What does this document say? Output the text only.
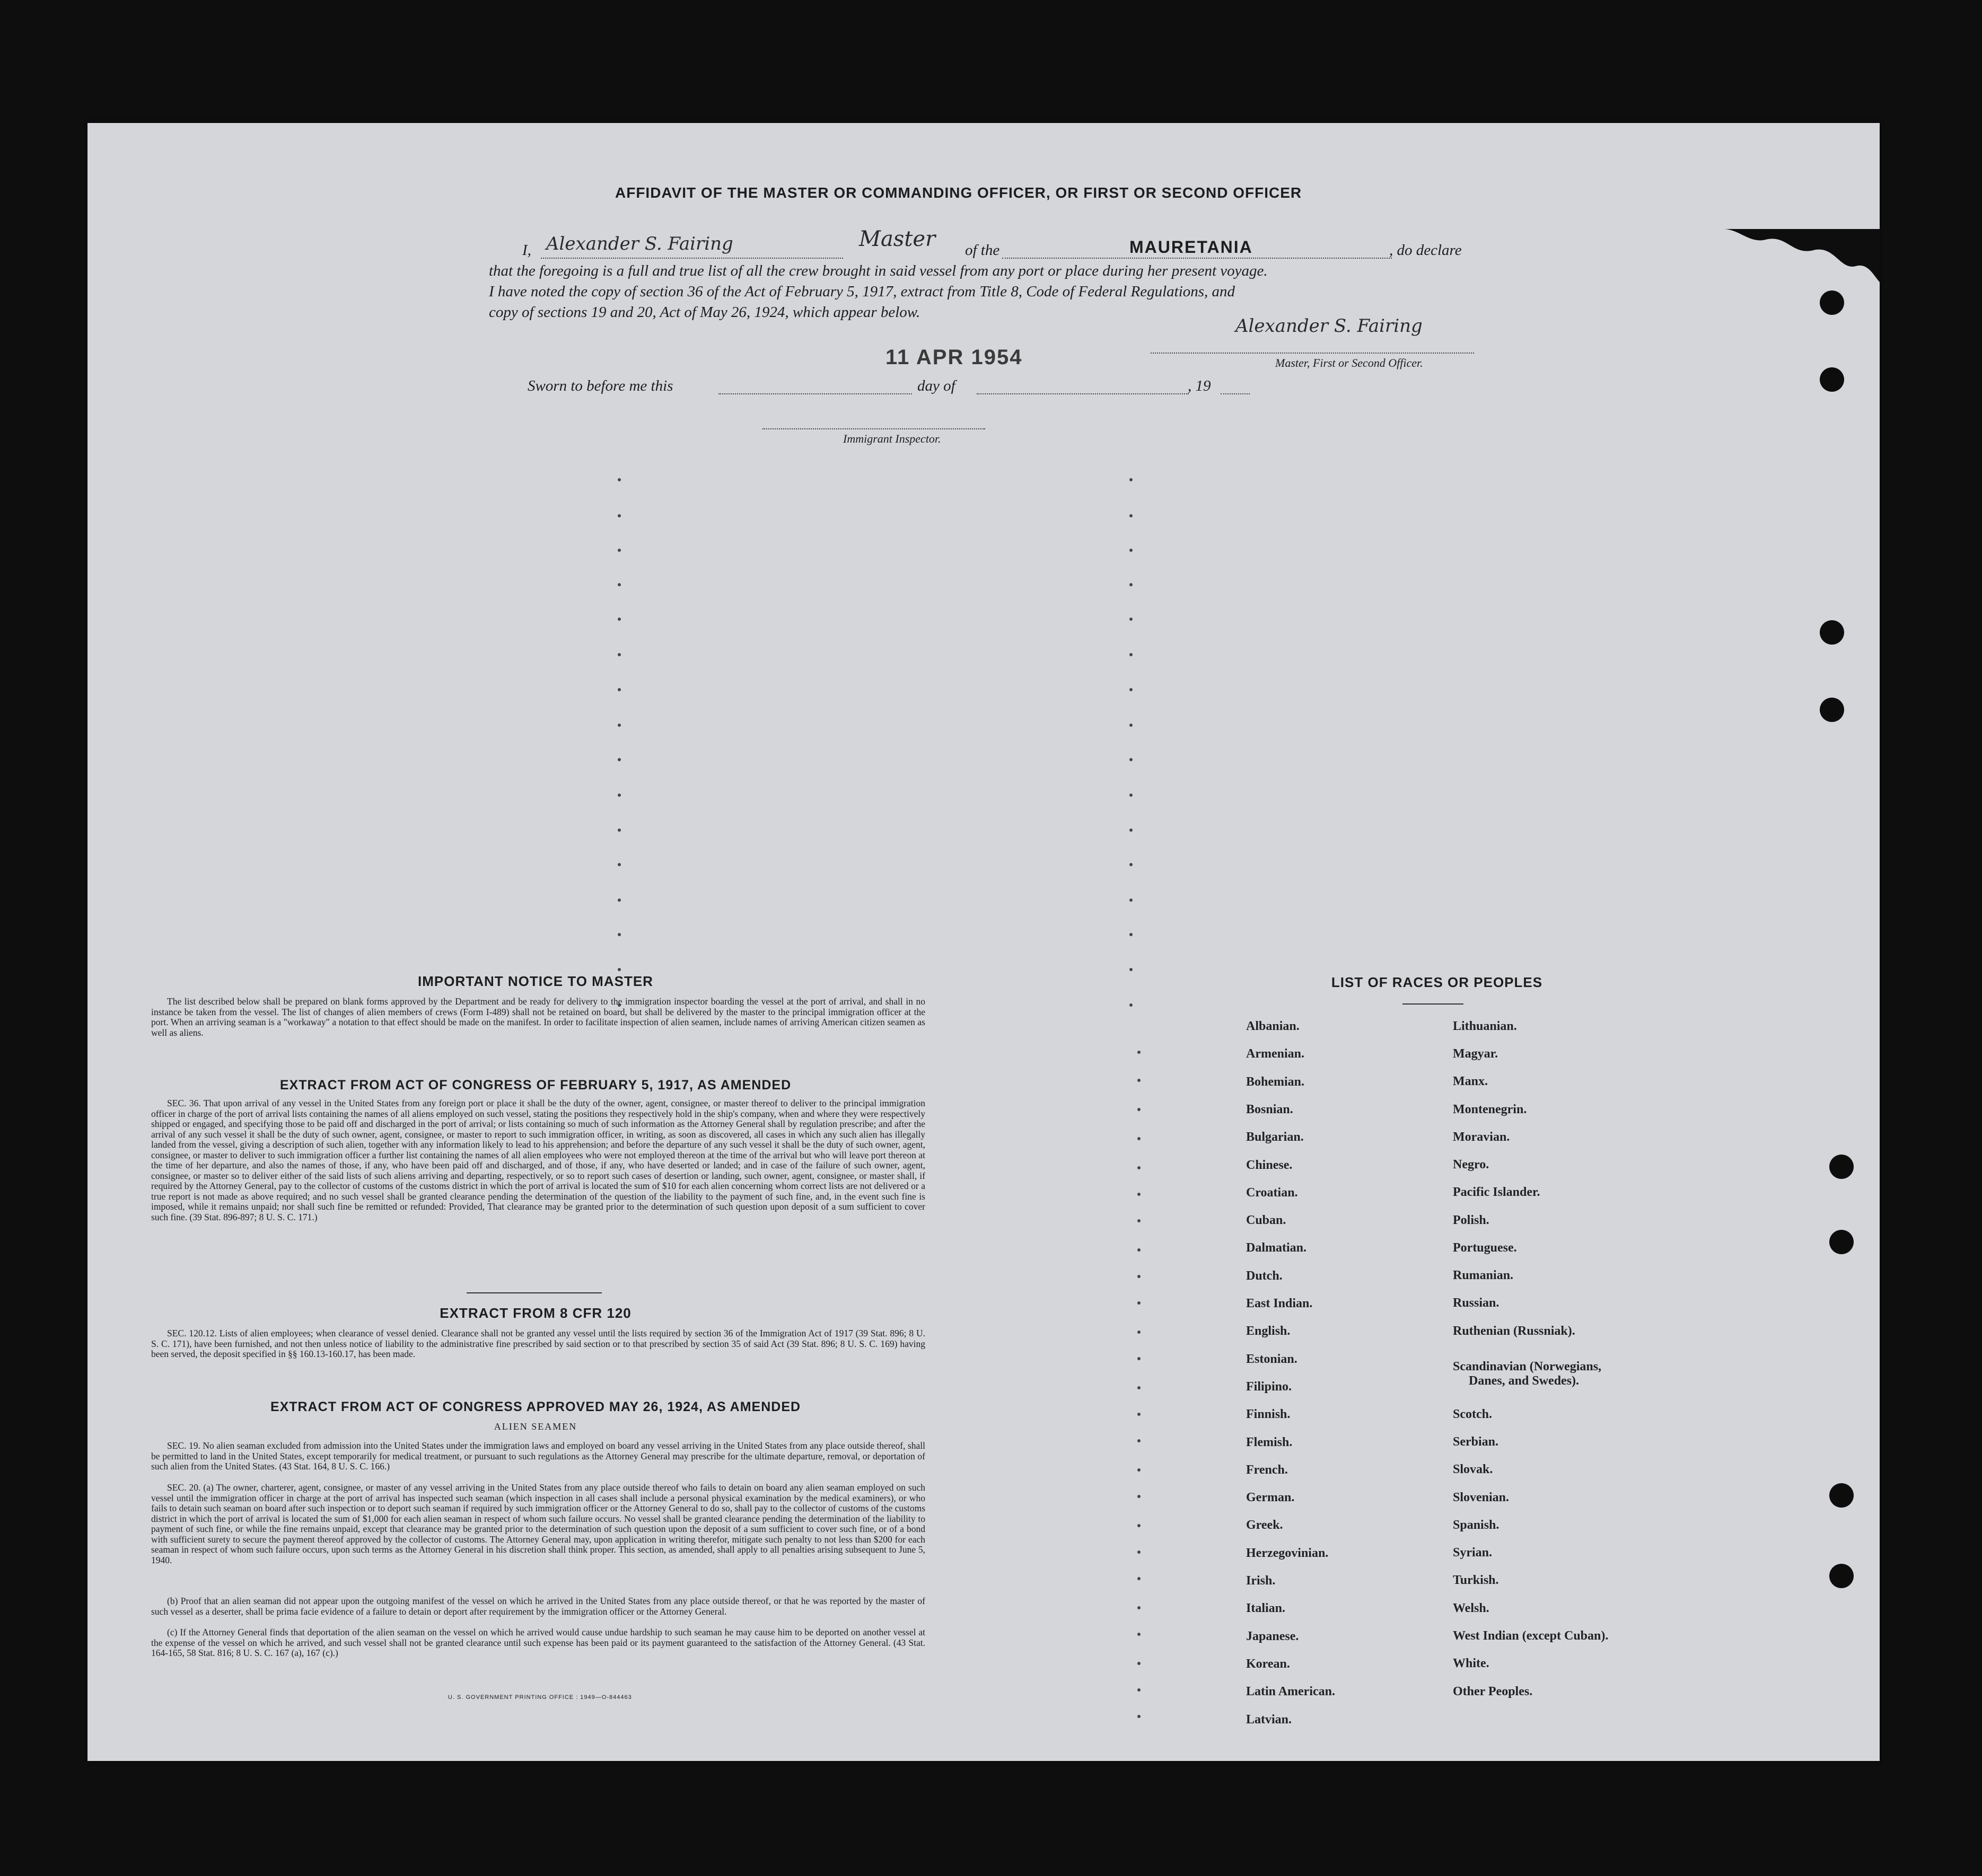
AFFIDAVIT OF THE MASTER OR COMMANDING OFFICER, OR FIRST OR SECOND OFFICER
I, Alexander S. Fairing	Master of the	MAURETANIA	, do declare
that the foregoing is a full and true list of all the crew brought in said vessel from any port or place during her present voyage.
I have noted the copy of section 36 of the Act of February 5, 1917, extract from Title 8, Code of Federal Regulations, and
copy of sections 19 and 20, Act of May 26, 1924, which appear below.
Alexander S. Fairing
Master, First or Second Officer.
11 APR 1954
Sworn to before me this	day of	, 19
Immigrant Inspector.
IMPORTANT NOTICE TO MASTER
The list described below shall be prepared on blank forms approved by the Department and be ready for delivery to the immigration inspector boarding the vessel at the port of arrival, and shall in no instance be taken from the vessel. The list of changes of alien members of crews (Form I-489) shall not be retained on board, but shall be delivered by the master to the principal immigration officer at the port. When an arriving seaman is a "workaway" a notation to that effect should be made on the manifest. In order to facilitate inspection of alien seamen, include names of arriving American citizen seamen as well as aliens.
EXTRACT FROM ACT OF CONGRESS OF FEBRUARY 5, 1917, AS AMENDED
SEC. 36. That upon arrival of any vessel in the United States from any foreign port or place it shall be the duty of the owner, agent, consignee, or master thereof to deliver to the principal immigration officer in charge of the port of arrival lists containing the names of all aliens employed on such vessel, stating the positions they respectively hold in the ship's company, when and where they were respectively shipped or engaged, and specifying those to be paid off and discharged in the port of arrival; or lists containing so much of such information as the Attorney General shall by regulation prescribe; and after the arrival of any such vessel it shall be the duty of such owner, agent, consignee, or master to report to such immigration officer, in writing, as soon as discovered, all cases in which any such alien has illegally landed from the vessel, giving a description of such alien, together with any information likely to lead to his apprehension; and before the departure of any such vessel it shall be the duty of such owner, agent, consignee, or master to deliver to such immigration officer a further list containing the names of all alien employees who were not employed thereon at the time of the arrival but who will leave port thereon at the time of her departure, and also the names of those, if any, who have been paid off and discharged, and of those, if any, who have deserted or landed; and in case of the failure of such owner, agent, consignee, or master so to deliver either of the said lists of such aliens arriving and departing, respectively, or so to report such cases of desertion or landing, such owner, agent, consignee, or master shall, if required by the Attorney General, pay to the collector of customs of the customs district in which the port of arrival is located the sum of $10 for each alien concerning whom correct lists are not delivered or a true report is not made as above required; and no such vessel shall be granted clearance pending the determination of the question of the liability to the payment of such fine, and, in the event such fine is imposed, while it remains unpaid; nor shall such fine be remitted or refunded: Provided, That clearance may be granted prior to the determination of such question upon deposit of a sum sufficient to cover such fine. (39 Stat. 896-897; 8 U. S. C. 171.)
EXTRACT FROM 8 CFR 120
SEC. 120.12. Lists of alien employees; when clearance of vessel denied. Clearance shall not be granted any vessel until the lists required by section 36 of the Immigration Act of 1917 (39 Stat. 896; 8 U. S. C. 171), have been furnished, and not then unless notice of liability to the administrative fine prescribed by said section or to that prescribed by section 35 of said Act (39 Stat. 896; 8 U. S. C. 169) having been served, the deposit specified in §§ 160.13-160.17, has been made.
EXTRACT FROM ACT OF CONGRESS APPROVED MAY 26, 1924, AS AMENDED
ALIEN SEAMEN
SEC. 19. No alien seaman excluded from admission into the United States under the immigration laws and employed on board any vessel arriving in the United States from any place outside thereof, shall be permitted to land in the United States, except temporarily for medical treatment, or pursuant to such regulations as the Attorney General may prescribe for the ultimate departure, removal, or deportation of such alien from the United States. (43 Stat. 164, 8 U. S. C. 166.)
SEC. 20. (a) The owner, charterer, agent, consignee, or master of any vessel arriving in the United States from any place outside thereof who fails to detain on board any alien seaman employed on such vessel until the immigration officer in charge at the port of arrival has inspected such seaman (which inspection in all cases shall include a personal physical examination by the medical examiners), or who fails to detain such seaman on board after such inspection or to deport such seaman if required by such immigration officer or the Attorney General to do so, shall pay to the collector of customs of the customs district in which the port of arrival is located the sum of $1,000 for each alien seaman in respect of whom such failure occurs. No vessel shall be granted clearance pending the determination of the liability to payment of such fine, or while the fine remains unpaid, except that clearance may be granted prior to the determination of such question upon the deposit of a sum sufficient to cover such fine, or of a bond with sufficient surety to secure the payment thereof approved by the collector of customs. The Attorney General may, upon application in writing therefor, mitigate such penalty to not less than $200 for each seaman in respect of whom such failure occurs, upon such terms as the Attorney General in his discretion shall think proper. This section, as amended, shall apply to all penalties arising subsequent to June 5, 1940.
(b) Proof that an alien seaman did not appear upon the outgoing manifest of the vessel on which he arrived in the United States from any place outside thereof, or that he was reported by the master of such vessel as a deserter, shall be prima facie evidence of a failure to detain or deport after requirement by the immigration officer or the Attorney General.
(c) If the Attorney General finds that deportation of the alien seaman on the vessel on which he arrived would cause undue hardship to such seaman he may cause him to be deported on another vessel at the expense of the vessel on which he arrived, and such vessel shall not be granted clearance until such expense has been paid or its payment guaranteed to the satisfaction of the Attorney General. (43 Stat. 164-165, 58 Stat. 816; 8 U. S. C. 167 (a), 167 (c).)
U. S. GOVERNMENT PRINTING OFFICE : 1949—O-844463
LIST OF RACES OR PEOPLES
Albanian.
Armenian.
Bohemian.
Bosnian.
Bulgarian.
Chinese.
Croatian.
Cuban.
Dalmatian.
Dutch.
East Indian.
English.
Estonian.
Filipino.
Finnish.
Flemish.
French.
German.
Greek.
Herzegovinian.
Irish.
Italian.
Japanese.
Korean.
Latin American.
Latvian.
Lithuanian.
Magyar.
Manx.
Montenegrin.
Moravian.
Negro.
Pacific Islander.
Polish.
Portuguese.
Rumanian.
Russian.
Ruthenian (Russniak).
Scandinavian (Norwegians,
Danes, and Swedes).
Scotch.
Serbian.
Slovak.
Slovenian.
Spanish.
Syrian.
Turkish.
Welsh.
West Indian (except Cuban).
White.
Other Peoples.
